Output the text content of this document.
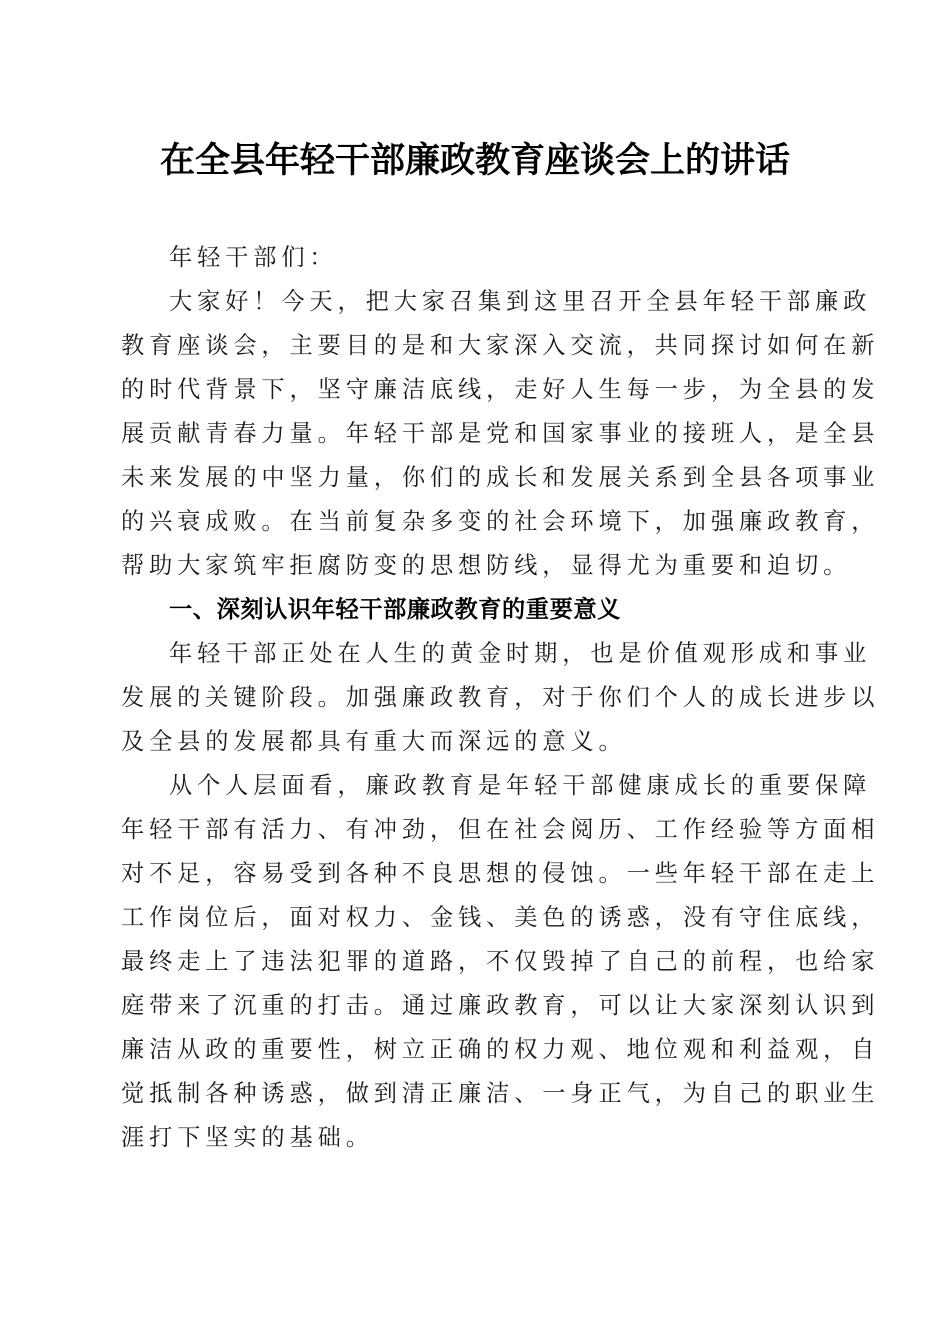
在全县年轻干部廉政教育座谈会上的讲话
年轻干部们：
大家好！今天，把大家召集到这里召开全县年轻干部廉政
教育座谈会，主要目的是和大家深入交流，共同探讨如何在新
的时代背景下，坚守廉洁底线，走好人生每一步，为全县的发
展贡献青春力量。年轻干部是党和国家事业的接班人，是全县
未来发展的中坚力量，你们的成长和发展关系到全县各项事业
的兴衰成败。在当前复杂多变的社会环境下，加强廉政教育，
帮助大家筑牢拒腐防变的思想防线，显得尤为重要和迫切。
一、深刻认识年轻干部廉政教育的重要意义
年轻干部正处在人生的黄金时期，也是价值观形成和事业
发展的关键阶段。加强廉政教育，对于你们个人的成长进步以
及全县的发展都具有重大而深远的意义。
从个人层面看，廉政教育是年轻干部健康成长的重要保障
年轻干部有活力、有冲劲，但在社会阅历、工作经验等方面相
对不足，容易受到各种不良思想的侵蚀。一些年轻干部在走上
工作岗位后，面对权力、金钱、美色的诱惑，没有守住底线，
最终走上了违法犯罪的道路，不仅毁掉了自己的前程，也给家
庭带来了沉重的打击。通过廉政教育，可以让大家深刻认识到
廉洁从政的重要性，树立正确的权力观、地位观和利益观，自
觉抵制各种诱惑，做到清正廉洁、一身正气，为自己的职业生
涯打下坚实的基础。
